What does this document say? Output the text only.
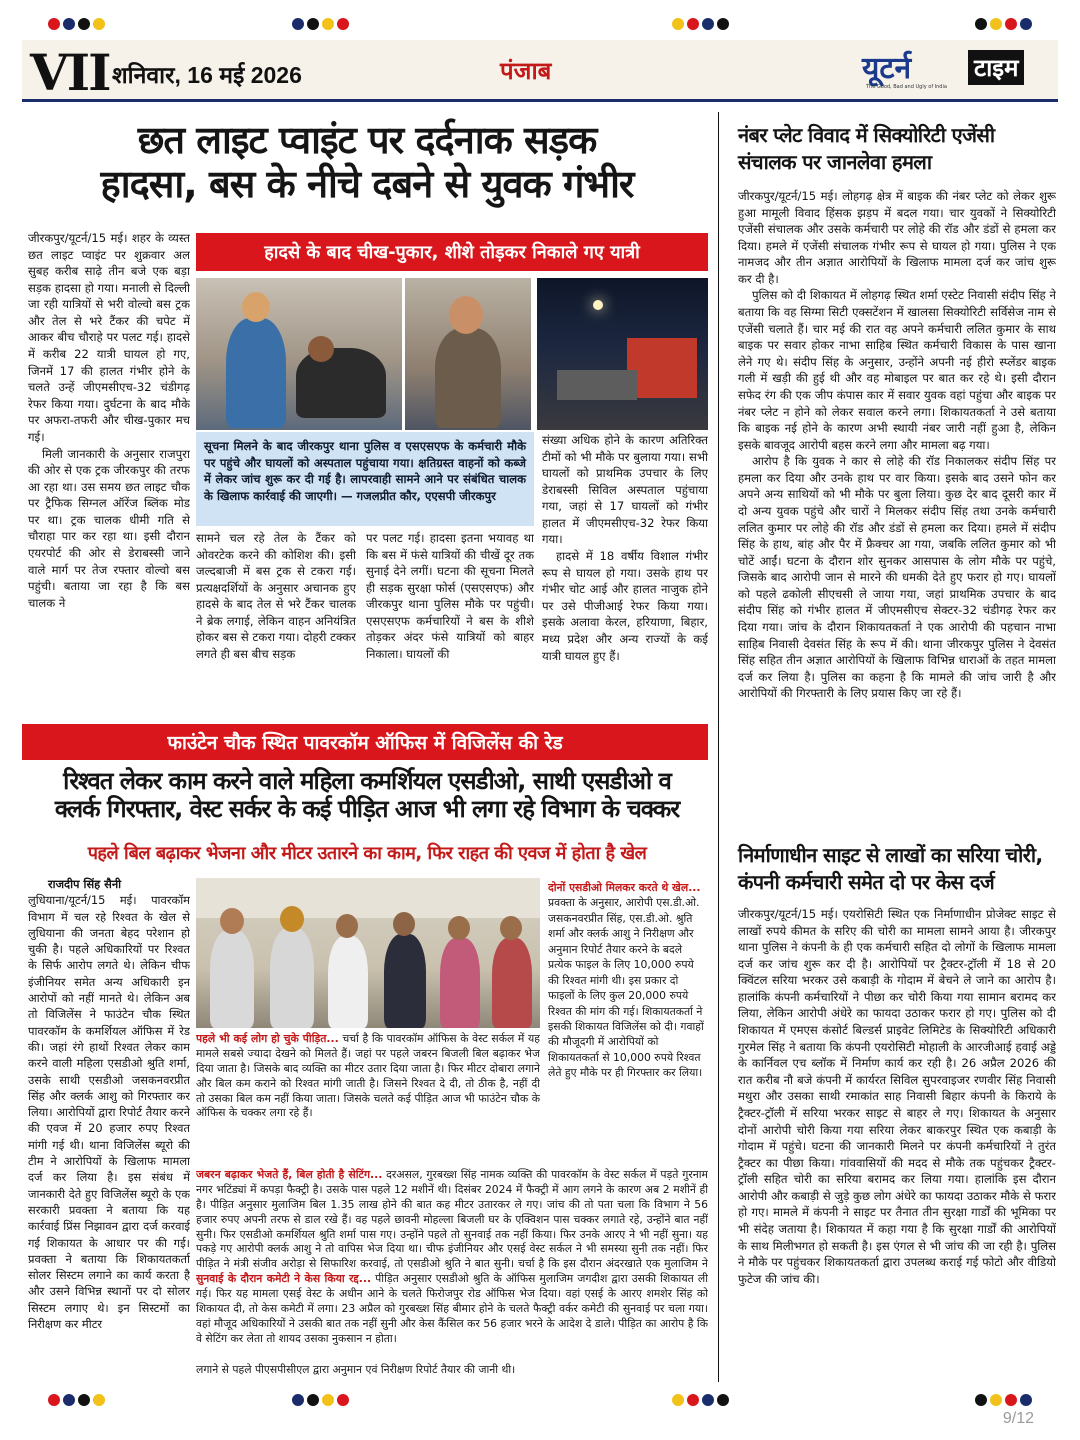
VII शनिवार, 16 मई 2026	पंजाब	यूटर्न	टाइम
The Good, Bad and Ugly of India
छत लाइट प्वाइंट पर दर्दनाक सड़क
हादसा, बस के नीचे दबने से युवक गंभीर

जीरकपुर/यूटर्न/15 मई। शहर के व्यस्त छत लाइट प्वाइंट पर शुक्रवार अल सुबह करीब साढ़े तीन बजे एक बड़ा सड़क हादसा हो गया। मनाली से दिल्ली जा रही यात्रियों से भरी वोल्वो बस ट्रक और तेल से भरे टैंकर की चपेट में आकर बीच चौराहे पर पलट गई। हादसे में करीब 22 यात्री घायल हो गए, जिनमें 17 की हालत गंभीर होने के चलते उन्हें जीएमसीएच-32 चंडीगढ़ रेफर किया गया। दुर्घटना के बाद मौके पर अफरा-तफरी और चीख-पुकार मच गई।

मिली जानकारी के अनुसार राजपुरा की ओर से एक ट्रक जीरकपुर की तरफ आ रहा था। उस समय छत लाइट चौक पर ट्रैफिक सिग्नल ऑरेंज ब्लिंक मोड पर था। ट्रक चालक धीमी गति से चौराहा पार कर रहा था। इसी दौरान एयरपोर्ट की ओर से डेराबस्सी जाने वाले मार्ग पर तेज रफ्तार वोल्वो बस पहुंची। बताया जा रहा है कि बस चालक ने

हादसे के बाद चीख-पुकार, शीशे तोड़कर निकाले गए यात्री
सूचना मिलने के बाद जीरकपुर थाना पुलिस व एसएसएफ के कर्मचारी मौके पर पहुंचे और घायलों को अस्पताल पहुंचाया गया। क्षतिग्रस्त वाहनों को कब्जे में लेकर जांच शुरू कर दी गई है। लापरवाही सामने आने पर संबंधित चालक के खिलाफ कार्रवाई की जाएगी। — गजलप्रीत कौर, एएसपी जीरकपुर
सामने चल रहे तेल के टैंकर को ओवरटेक करने की कोशिश की। इसी जल्दबाजी में बस ट्रक से टकरा गई। प्रत्यक्षदर्शियों के अनुसार अचानक हुए हादसे के बाद तेल से भरे टैंकर चालक ने ब्रेक लगाई, लेकिन वाहन अनियंत्रित होकर बस से टकरा गया। दोहरी टक्कर लगते ही बस बीच सड़क
पर पलट गई। हादसा इतना भयावह था कि बस में फंसे यात्रियों की चीखें दूर तक सुनाई देने लगीं। घटना की सूचना मिलते ही सड़क सुरक्षा फोर्स (एसएसएफ) और जीरकपुर थाना पुलिस मौके पर पहुंची। एसएसएफ कर्मचारियों ने बस के शीशे तोड़कर अंदर फंसे यात्रियों को बाहर निकाला। घायलों की

संख्या अधिक होने के कारण अतिरिक्त टीमों को भी मौके पर बुलाया गया। सभी घायलों को प्राथमिक उपचार के लिए डेराबस्सी सिविल अस्पताल पहुंचाया गया, जहां से 17 घायलों को गंभीर हालत में जीएमसीएच-32 रेफर किया गया।

हादसे में 18 वर्षीय विशाल गंभीर रूप से घायल हो गया। उसके हाथ पर गंभीर चोट आई और हालत नाजुक होने पर उसे पीजीआई रेफर किया गया। इसके अलावा केरल, हरियाणा, बिहार, मध्य प्रदेश और अन्य राज्यों के कई यात्री घायल हुए हैं।

फाउंटेन चौक स्थित पावरकॉम ऑफिस में विजिलेंस की रेड
रिश्वत लेकर काम करने वाले महिला कमर्शियल एसडीओ, साथी एसडीओ व
क्लर्क गिरफ्तार, वेस्ट सर्कर के कई पीड़ित आज भी लगा रहे विभाग के चक्कर
पहले बिल बढ़ाकर भेजना और मीटर उतारने का काम, फिर राहत की एवज में होता है खेल

राजदीप सिंह सैनी

लुधियाना/यूटर्न/15 मई। पावरकॉम विभाग में चल रहे रिश्वत के खेल से लुधियाना की जनता बेहद परेशान हो चुकी है। पहले अधिकारियों पर रिश्वत के सिर्फ आरोप लगते थे। लेकिन चीफ इंजीनियर समेत अन्य अधिकारी इन आरोपों को नहीं मानते थे। लेकिन अब तो विजिलेंस ने फाउंटेन चौक स्थित पावरकॉम के कमर्शियल ऑफिस में रेड की। जहां रंगे हाथों रिश्वत लेकर काम करने वाली महिला एसडीओ श्रुति शर्मा, उसके साथी एसडीओ जसकनवरप्रीत सिंह और क्लर्क आशु को गिरफ्तार कर लिया। आरोपियों द्वारा रिपोर्ट तैयार करने की एवज में 20 हजार रुपए रिश्वत मांगी गई थी। थाना विजिलेंस ब्यूरो की टीम ने आरोपियों के खिलाफ मामला दर्ज कर लिया है। इस संबंध में जानकारी देते हुए विजिलेंस ब्यूरो के एक सरकारी प्रवक्ता ने बताया कि यह कार्रवाई प्रिंस निझावन द्वारा दर्ज करवाई गई शिकायत के आधार पर की गई। प्रवक्ता ने बताया कि शिकायतकर्ता सोलर सिस्टम लगाने का कार्य करता है और उसने विभिन्न स्थानों पर दो सोलर सिस्टम लगाए थे। इन सिस्टमों का निरीक्षण कर मीटर

दोनों एसडीओ मिलकर करते थे खेल... प्रवक्ता के अनुसार, आरोपी एस.डी.ओ. जसकनवरप्रीत सिंह, एस.डी.ओ. श्रुति शर्मा और क्लर्क आशु ने निरीक्षण और अनुमान रिपोर्ट तैयार करने के बदले प्रत्येक फाइल के लिए 10,000 रुपये की रिश्वत मांगी थी। इस प्रकार दो फाइलों के लिए कुल 20,000 रुपये रिश्वत की मांग की गई। शिकायतकर्ता ने इसकी शिकायत विजिलेंस को दी। गवाहों की मौजूदगी में आरोपियों को शिकायतकर्ता से 10,000 रुपये रिश्वत लेते हुए मौके पर ही गिरफ्तार कर लिया।
पहले भी कई लोग हो चुके पीड़ित... चर्चा है कि पावरकॉम ऑफिस के वेस्ट सर्कल में यह मामले सबसे ज्यादा देखने को मिलते हैं। जहां पर पहले जबरन बिजली बिल बढ़ाकर भेज दिया जाता है। जिसके बाद व्यक्ति का मीटर उतार दिया जाता है। फिर मीटर दोबारा लगाने और बिल कम कराने को रिश्वत मांगी जाती है। जिसने रिश्वत दे दी, तो ठीक है, नहीं दी तो उसका बिल कम नहीं किया जाता। जिसके चलते कई पीड़ित आज भी फाउंटेन चौक के ऑफिस के चक्कर लगा रहे हैं।
जबरन बढ़ाकर भेजते हैं, बिल होती है सेटिंग... दरअसल, गुरबख्श सिंह नामक व्यक्ति की पावरकॉम के वेस्ट सर्कल में पड़ते गुरनाम नगर भटिंड्यां में कपड़ा फैक्ट्री है। उसके पास पहले 12 मशीनें थी। दिसंबर 2024 में फैक्ट्री में आग लगने के कारण अब 2 मशीनें ही है। पीड़ित अनुसार मुलाजिम बिल 1.35 लाख होने की बात कह मीटर उतारकर ले गए। जांच की तो पता चला कि विभाग ने 56 हजार रुपए अपनी तरफ से डाल रखे हैं। वह पहले छावनी मोहल्ला बिजली घर के एक्विशन पास चक्कर लगाते रहे, उन्होंने बात नहीं सुनी। फिर एसडीओ कमर्शियल श्रुति शर्मा पास गए। उन्होंने पहले तो सुनवाई तक नहीं किया। फिर उनके आरए ने भी नहीं सुना। यह पकड़े गए आरोपी क्लर्क आशु ने तो वापिस भेज दिया था। चीफ इंजीनियर और एसई वेस्ट सर्कल ने भी समस्या सुनी तक नहीं। फिर पीड़ित ने मंत्री संजीव अरोड़ा से सिफारिश करवाई, तो एसडीओ श्रुति ने बात सुनी। चर्चा है कि इस दौरान अंदरखाते एक मुलाजिम ने
सुनवाई के दौरान कमेटी ने केस किया रद्द... पीड़ित अनुसार एसडीओ श्रुति के ऑफिस मुलाजिम जगदीश द्वारा उसकी शिकायत ली गई। फिर यह मामला एसई वेस्ट के अधीन आने के चलते फिरोजपुर रोड ऑफिस भेज दिया। वहां एसई के आरए शमशेर सिंह को शिकायत दी, तो केस कमेटी में लगा। 23 अप्रैल को गुरबख्श सिंह बीमार होने के चलते फैक्ट्री वर्कर कमेटी की सुनवाई पर चला गया। वहां मौजूद अधिकारियों ने उसकी बात तक नहीं सुनी और केस कैंसिल कर 56 हजार भरने के आदेश दे डाले। पीड़ित का आरोप है कि वे सेटिंग कर लेता तो शायद उसका नुकसान न होता।
लगाने से पहले पीएसपीसीएल द्वारा अनुमान एवं निरीक्षण रिपोर्ट तैयार की जानी थी।
नंबर प्लेट विवाद में सिक्योरिटी एजेंसी
संचालक पर जानलेवा हमला

जीरकपुर/यूटर्न/15 मई। लोहगढ़ क्षेत्र में बाइक की नंबर प्लेट को लेकर शुरू हुआ मामूली विवाद हिंसक झड़प में बदल गया। चार युवकों ने सिक्योरिटी एजेंसी संचालक और उसके कर्मचारी पर लोहे की रॉड और डंडों से हमला कर दिया। हमले में एजेंसी संचालक गंभीर रूप से घायल हो गया। पुलिस ने एक नामजद और तीन अज्ञात आरोपियों के खिलाफ मामला दर्ज कर जांच शुरू कर दी है।

पुलिस को दी शिकायत में लोहगढ़ स्थित शर्मा एस्टेट निवासी संदीप सिंह ने बताया कि वह सिग्मा सिटी एक्सटेंशन में खालसा सिक्योरिटी सर्विसेज नाम से एजेंसी चलाते हैं। चार मई की रात वह अपने कर्मचारी ललित कुमार के साथ बाइक पर सवार होकर नाभा साहिब स्थित कर्मचारी विकास के पास खाना लेने गए थे। संदीप सिंह के अनुसार, उन्होंने अपनी नई हीरो स्प्लेंडर बाइक गली में खड़ी की हुई थी और वह मोबाइल पर बात कर रहे थे। इसी दौरान सफेद रंग की एक जीप कंपास कार में सवार युवक वहां पहुंचा और बाइक पर नंबर प्लेट न होने को लेकर सवाल करने लगा। शिकायतकर्ता ने उसे बताया कि बाइक नई होने के कारण अभी स्थायी नंबर जारी नहीं हुआ है, लेकिन इसके बावजूद आरोपी बहस करने लगा और मामला बढ़ गया।

आरोप है कि युवक ने कार से लोहे की रॉड निकालकर संदीप सिंह पर हमला कर दिया और उनके हाथ पर वार किया। इसके बाद उसने फोन कर अपने अन्य साथियों को भी मौके पर बुला लिया। कुछ देर बाद दूसरी कार में दो अन्य युवक पहुंचे और चारों ने मिलकर संदीप सिंह तथा उनके कर्मचारी ललित कुमार पर लोहे की रॉड और डंडों से हमला कर दिया। हमले में संदीप सिंह के हाथ, बांह और पैर में फ्रैक्चर आ गया, जबकि ललित कुमार को भी चोटें आईं। घटना के दौरान शोर सुनकर आसपास के लोग मौके पर पहुंचे, जिसके बाद आरोपी जान से मारने की धमकी देते हुए फरार हो गए। घायलों को पहले ढकोली सीएचसी ले जाया गया, जहां प्राथमिक उपचार के बाद संदीप सिंह को गंभीर हालत में जीएमसीएच सेक्टर-32 चंडीगढ़ रेफर कर दिया गया। जांच के दौरान शिकायतकर्ता ने एक आरोपी की पहचान नाभा साहिब निवासी देवसंत सिंह के रूप में की। थाना जीरकपुर पुलिस ने देवसंत सिंह सहित तीन अज्ञात आरोपियों के खिलाफ विभिन्न धाराओं के तहत मामला दर्ज कर लिया है। पुलिस का कहना है कि मामले की जांच जारी है और आरोपियों की गिरफ्तारी के लिए प्रयास किए जा रहे हैं।

निर्माणाधीन साइट से लाखों का सरिया चोरी,
कंपनी कर्मचारी समेत दो पर केस दर्ज

जीरकपुर/यूटर्न/15 मई। एयरोसिटी स्थित एक निर्माणाधीन प्रोजेक्ट साइट से लाखों रुपये कीमत के सरिए की चोरी का मामला सामने आया है। जीरकपुर थाना पुलिस ने कंपनी के ही एक कर्मचारी सहित दो लोगों के खिलाफ मामला दर्ज कर जांच शुरू कर दी है। आरोपियों पर ट्रैक्टर-ट्रॉली में 18 से 20 क्विंटल सरिया भरकर उसे कबाड़ी के गोदाम में बेचने ले जाने का आरोप है। हालांकि कंपनी कर्मचारियों ने पीछा कर चोरी किया गया सामान बरामद कर लिया, लेकिन आरोपी अंधेरे का फायदा उठाकर फरार हो गए। पुलिस को दी शिकायत में एमएस कंसोर्ट बिल्डर्स प्राइवेट लिमिटेड के सिक्योरिटी अधिकारी गुरमेल सिंह ने बताया कि कंपनी एयरोसिटी मोहाली के आरजीआई हवाई अड्डे के कार्निवल एच ब्लॉक में निर्माण कार्य कर रही है। 26 अप्रैल 2026 की रात करीब नौ बजे कंपनी में कार्यरत सिविल सुपरवाइजर रणवीर सिंह निवासी मथुरा और उसका साथी रमाकांत साह निवासी बिहार कंपनी के किराये के ट्रैक्टर-ट्रॉली में सरिया भरकर साइट से बाहर ले गए। शिकायत के अनुसार दोनों आरोपी चोरी किया गया सरिया लेकर बाकरपुर स्थित एक कबाड़ी के गोदाम में पहुंचे। घटना की जानकारी मिलने पर कंपनी कर्मचारियों ने तुरंत ट्रैक्टर का पीछा किया। गांववासियों की मदद से मौके तक पहुंचकर ट्रैक्टर-ट्रॉली सहित चोरी का सरिया बरामद कर लिया गया। हालांकि इस दौरान आरोपी और कबाड़ी से जुड़े कुछ लोग अंधेरे का फायदा उठाकर मौके से फरार हो गए। मामले में कंपनी ने साइट पर तैनात तीन सुरक्षा गार्डों की भूमिका पर भी संदेह जताया है। शिकायत में कहा गया है कि सुरक्षा गार्डों की आरोपियों के साथ मिलीभगत हो सकती है। इस एंगल से भी जांच की जा रही है। पुलिस ने मौके पर पहुंचकर शिकायतकर्ता द्वारा उपलब्ध कराई गई फोटो और वीडियो फुटेज की जांच की।

9/12
